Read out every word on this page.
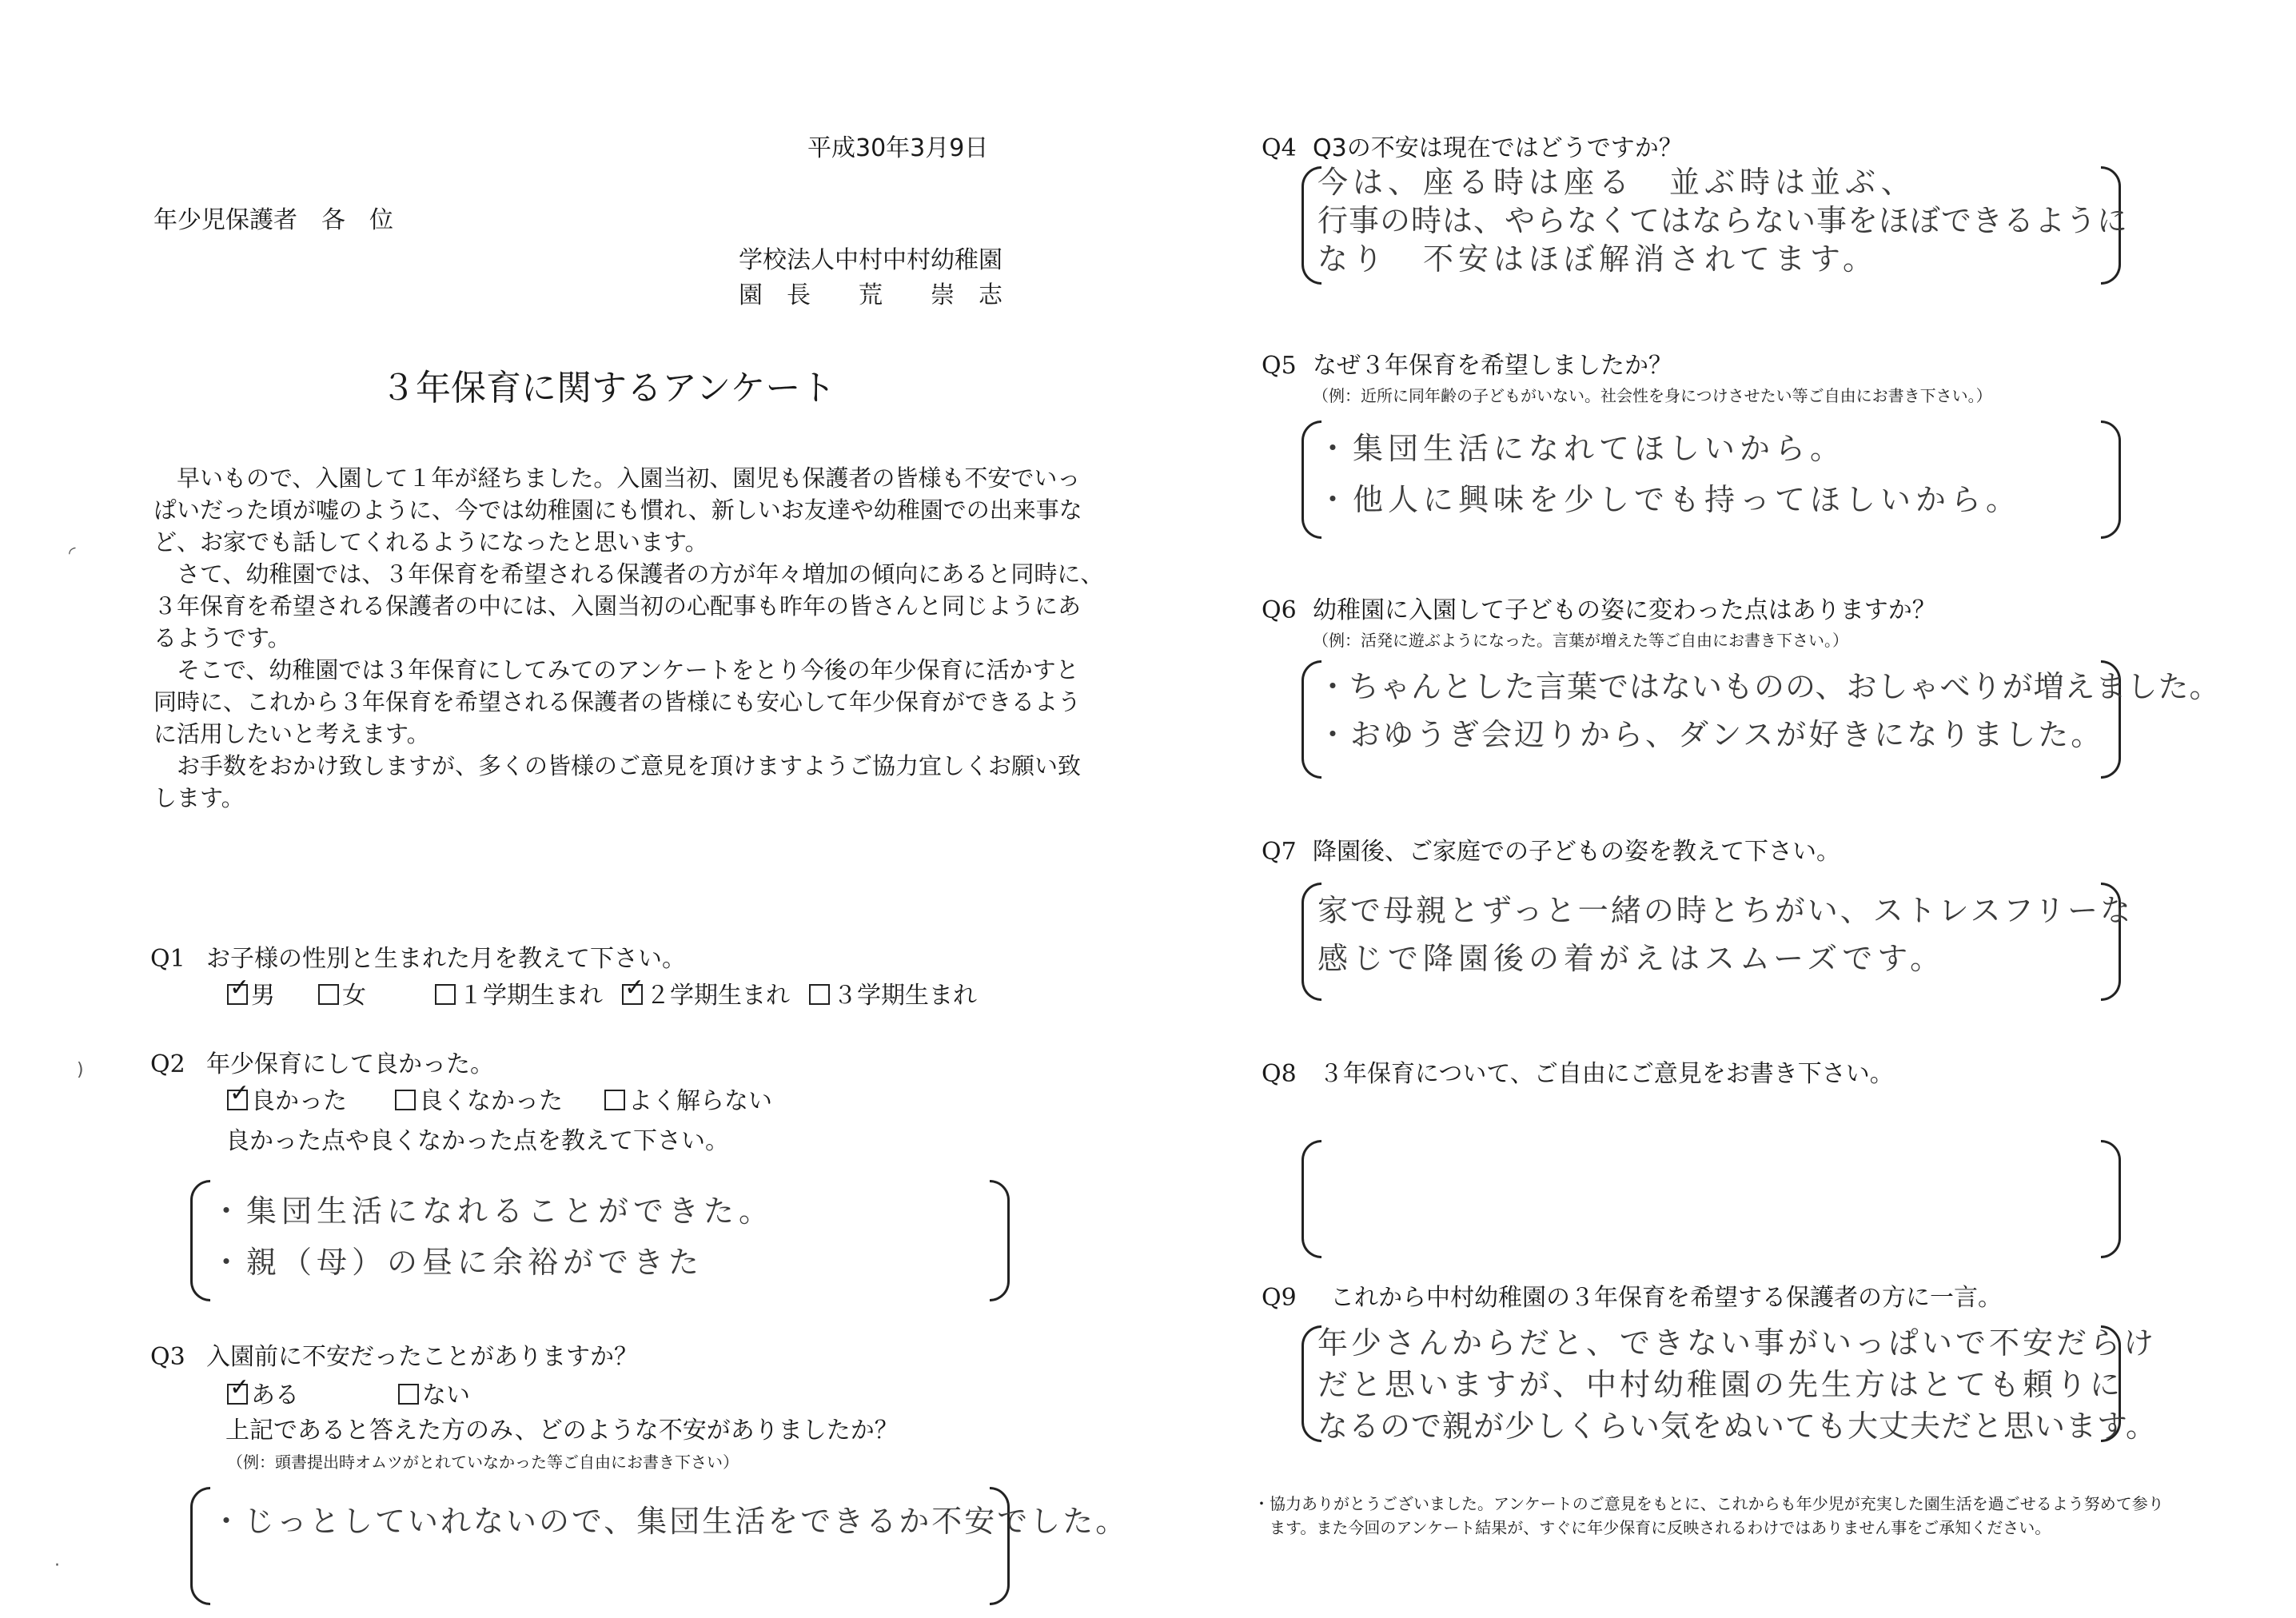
平成30年3月9日
年少児保護者　各　位
学校法人中村中村幼稚園
園　長　　荒　　崇　志
３年保育に関するアンケート
　早いもので、入園して１年が経ちました。入園当初、園児も保護者の皆様も不安でいっ
ぱいだった頃が嘘のように、今では幼稚園にも慣れ、新しいお友達や幼稚園での出来事な
ど、お家でも話してくれるようになったと思います。
　さて、幼稚園では、３年保育を希望される保護者の方が年々増加の傾向にあると同時に、
３年保育を希望される保護者の中には、入園当初の心配事も昨年の皆さんと同じようにあ
るようです。
　そこで、幼稚園では３年保育にしてみてのアンケートをとり今後の年少保育に活かすと
同時に、これから３年保育を希望される保護者の皆様にも安心して年少保育ができるよう
に活用したいと考えます。
　お手数をおかけ致しますが、多くの皆様のご意見を頂けますようご協力宜しくお願い致
します。
Q1 お子様の性別と生まれた月を教えて下さい。
✓男	女	１学期生まれ✓ ２学期生まれ ３学期生まれ
Q2 年少保育にして良かった。
✓良かった	良くなかった	よく解らない
良かった点や良くなかった点を教えて下さい。
・集団生活になれることができた。
・親（母）の昼に余裕ができた
Q3 入園前に不安だったことがありますか？
✓ある	ない
上記であると答えた方のみ、どのような不安がありましたか？
（例：頭書提出時オムツがとれていなかった等ご自由にお書き下さい）
・じっとしていれないので、集団生活をできるか不安でした。
Q4 Q3の不安は現在ではどうですか？
今は、座る時は座る　並ぶ時は並ぶ、
行事の時は、やらなくてはならない事をほぼできるように
なり　不安はほぼ解消されてます。
Q5 なぜ３年保育を希望しましたか？
（例：近所に同年齢の子どもがいない。社会性を身につけさせたい等ご自由にお書き下さい。）
・集団生活になれてほしいから。
・他人に興味を少しでも持ってほしいから。
Q6 幼稚園に入園して子どもの姿に変わった点はありますか？
（例：活発に遊ぶようになった。言葉が増えた等ご自由にお書き下さい。）
・ちゃんとした言葉ではないものの、おしゃべりが増えました。
・おゆうぎ会辺りから、ダンスが好きになりました。
Q7 降園後、ご家庭での子どもの姿を教えて下さい。
家で母親とずっと一緒の時とちがい、ストレスフリーな
感じで降園後の着がえはスムーズです。
Q8 ３年保育について、ご自由にご意見をお書き下さい。
Q9 これから中村幼稚園の３年保育を希望する保護者の方に一言。
年少さんからだと、できない事がいっぱいで不安だらけ
だと思いますが、中村幼稚園の先生方はとても頼りに
なるので親が少しくらい気をぬいても大丈夫だと思います。
・協力ありがとうございました。アンケートのご意見をもとに、これからも年少児が充実した園生活を過ごせるよう努めて参り
　ます。また今回のアンケート結果が、すぐに年少保育に反映されるわけではありません事をご承知ください。
◜
)
·
